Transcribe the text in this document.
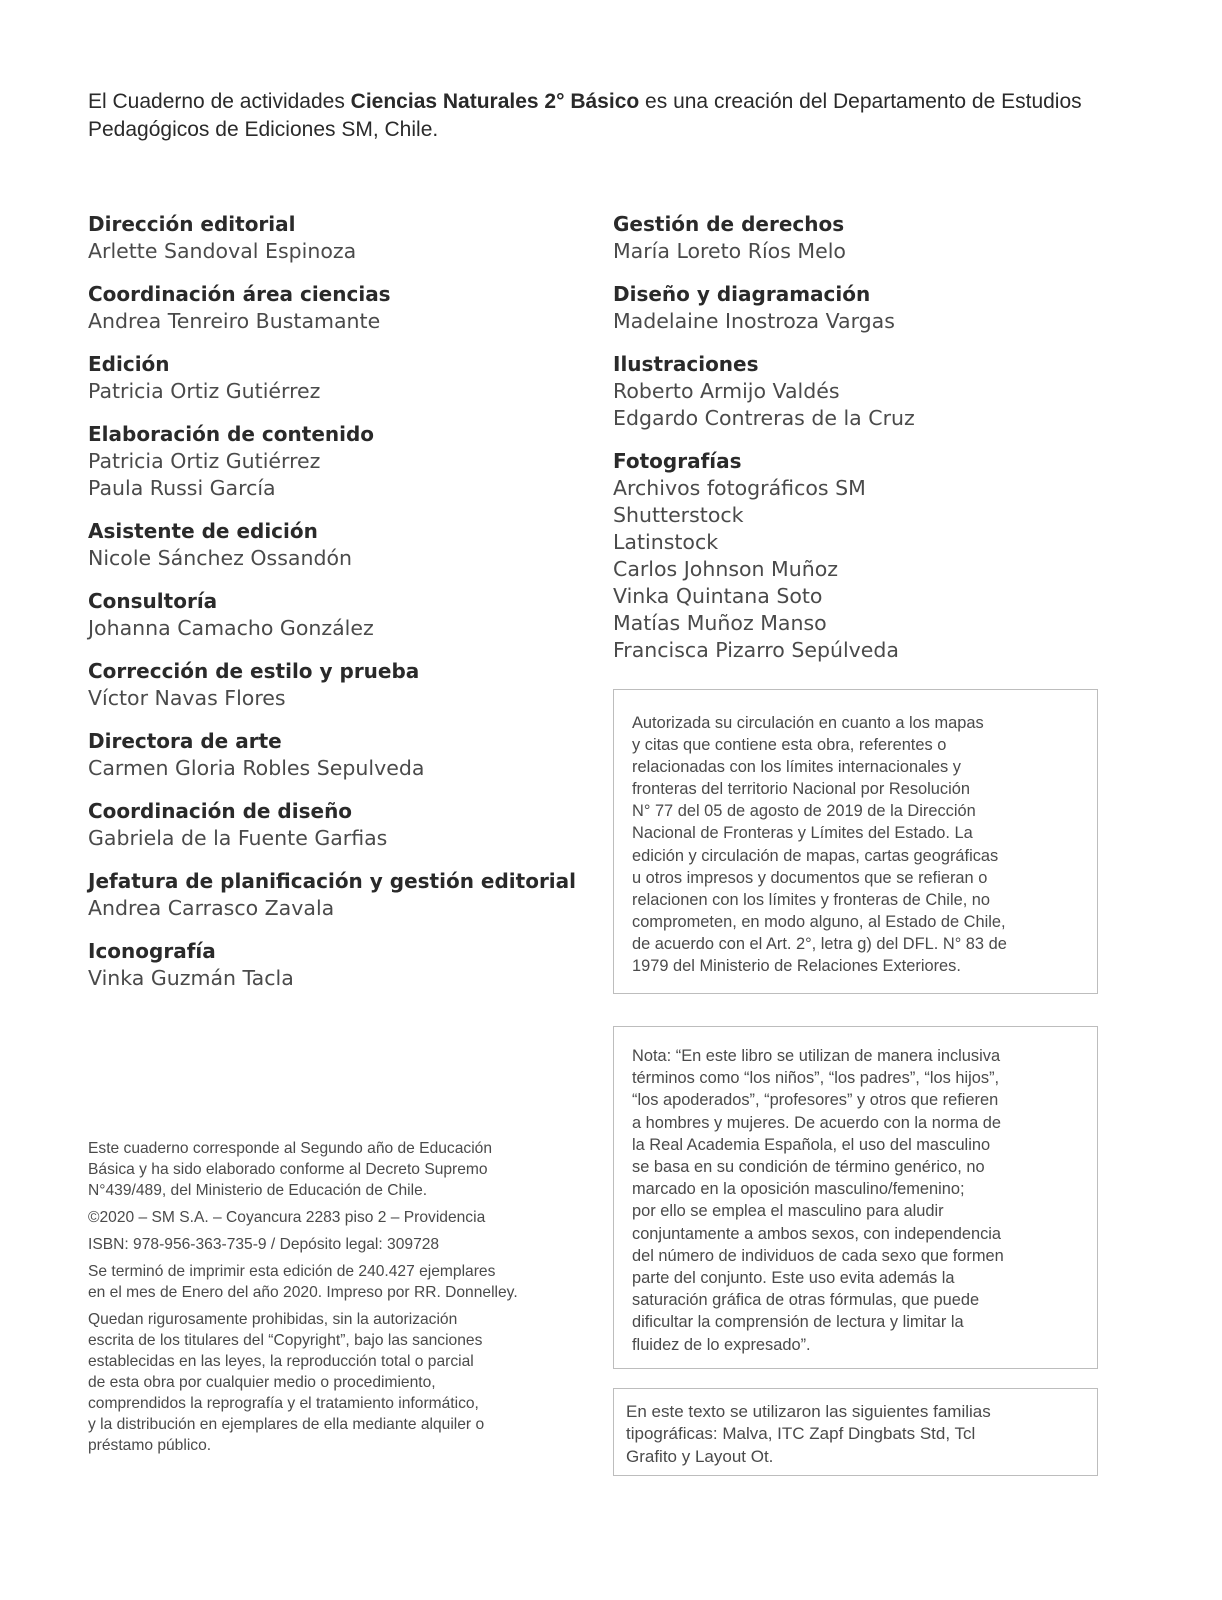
El Cuaderno de actividades Ciencias Naturales 2° Básico es una creación del Departamento de Estudios Pedagógicos de Ediciones SM, Chile.
Dirección editorial
Arlette Sandoval Espinoza
Coordinación área ciencias
Andrea Tenreiro Bustamante
Edición
Patricia Ortiz Gutiérrez
Elaboración de contenido
Patricia Ortiz Gutiérrez
Paula Russi García
Asistente de edición
Nicole Sánchez Ossandón
Consultoría
Johanna Camacho González
Corrección de estilo y prueba
Víctor Navas Flores
Directora de arte
Carmen Gloria Robles Sepulveda
Coordinación de diseño
Gabriela de la Fuente Garfias
Jefatura de planificación y gestión editorial
Andrea Carrasco Zavala
Iconografía
Vinka Guzmán Tacla
Gestión de derechos
María Loreto Ríos Melo
Diseño y diagramación
Madelaine Inostroza Vargas
Ilustraciones
Roberto Armijo Valdés
Edgardo Contreras de la Cruz
Fotografías
Archivos fotográficos SM
Shutterstock
Latinstock
Carlos Johnson Muñoz
Vinka Quintana Soto
Matías Muñoz Manso
Francisca Pizarro Sepúlveda
Autorizada su circulación en cuanto a los mapas
y citas que contiene esta obra, referentes o
relacionadas con los límites internacionales y
fronteras del territorio Nacional por Resolución
N° 77 del 05 de agosto de 2019 de la Dirección
Nacional de Fronteras y Límites del Estado. La
edición y circulación de mapas, cartas geográficas
u otros impresos y documentos que se refieran o
relacionen con los límites y fronteras de Chile, no
comprometen, en modo alguno, al Estado de Chile,
de acuerdo con el Art. 2°, letra g) del DFL. N° 83 de
1979 del Ministerio de Relaciones Exteriores.
Nota: “En este libro se utilizan de manera inclusiva
términos como “los niños”, “los padres”, “los hijos”,
“los apoderados”, “profesores” y otros que refieren
a hombres y mujeres. De acuerdo con la norma de
la Real Academia Española, el uso del masculino
se basa en su condición de término genérico, no
marcado en la oposición masculino/femenino;
por ello se emplea el masculino para aludir
conjuntamente a ambos sexos, con independencia
del número de individuos de cada sexo que formen
parte del conjunto. Este uso evita además la
saturación gráfica de otras fórmulas, que puede
dificultar la comprensión de lectura y limitar la
fluidez de lo expresado”.
En este texto se utilizaron las siguientes familias
tipográficas: Malva, ITC Zapf Dingbats Std, Tcl
Grafito y Layout Ot.

Este cuaderno corresponde al Segundo año de Educación
Básica y ha sido elaborado conforme al Decreto Supremo
N°439/489, del Ministerio de Educación de Chile.

©2020 – SM S.A. – Coyancura 2283 piso 2 – Providencia

ISBN: 978-956-363-735-9 / Depósito legal: 309728

Se terminó de imprimir esta edición de 240.427 ejemplares
en el mes de Enero del año 2020. Impreso por RR. Donnelley.

Quedan rigurosamente prohibidas, sin la autorización
escrita de los titulares del “Copyright”, bajo las sanciones
establecidas en las leyes, la reproducción total o parcial
de esta obra por cualquier medio o procedimiento,
comprendidos la reprografía y el tratamiento informático,
y la distribución en ejemplares de ella mediante alquiler o
préstamo público.
